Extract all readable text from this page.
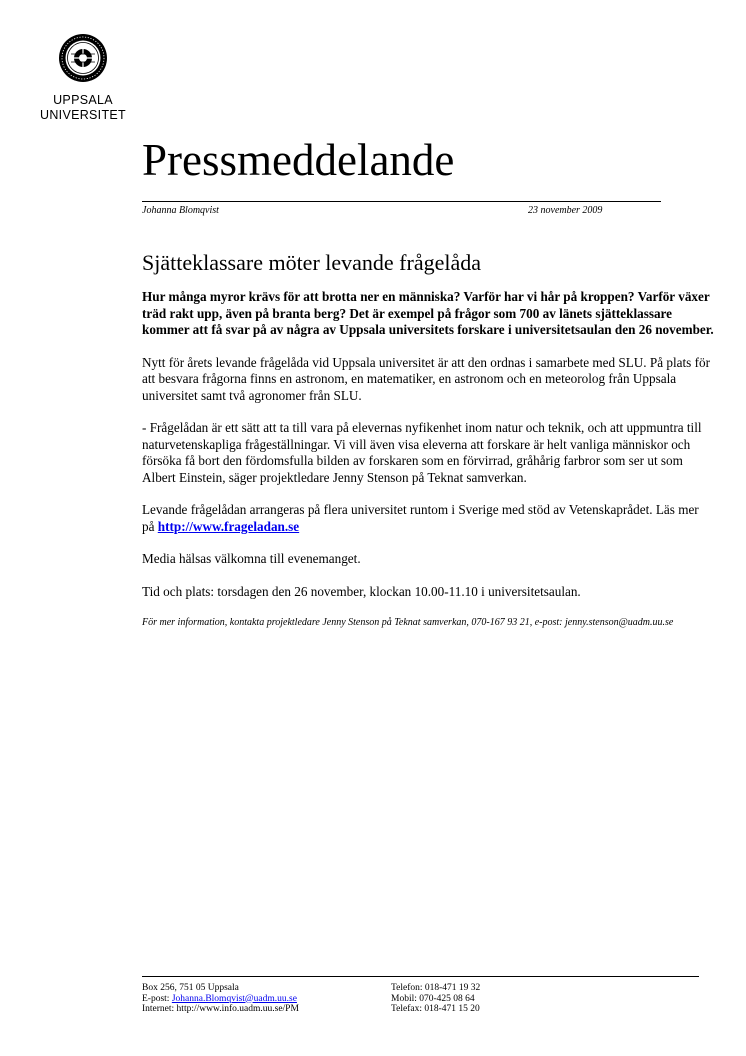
UPPSALA
UNIVERSITET
Pressmeddelande
Johanna Blomqvist	23 november 2009
Sjätteklassare möter levande frågelåda

Hur många myror krävs för att brotta ner en människa? Varför har vi hår på kroppen? Varför växer träd rakt upp, även på branta berg? Det är exempel på frågor som 700 av länets sjätteklassare kommer att få svar på av några av Uppsala universitets forskare i universitetsaulan den 26 november.

Nytt för årets levande frågelåda vid Uppsala universitet är att den ordnas i samarbete med SLU. På plats för att besvara frågorna finns en astronom, en matematiker, en astronom och en meteorolog från Uppsala universitet samt två agronomer från SLU.

- Frågelådan är ett sätt att ta till vara på elevernas nyfikenhet inom natur och teknik, och att uppmuntra till naturvetenskapliga frågeställningar. Vi vill även visa eleverna att forskare är helt vanliga människor och försöka få bort den fördomsfulla bilden av forskaren som en förvirrad, gråhårig farbror som ser ut som Albert Einstein, säger projektledare Jenny Stenson på Teknat samverkan.

Levande frågelådan arrangeras på flera universitet runtom i Sverige med stöd av Vetenskaprådet. Läs mer på http://www.frageladan.se

Media hälsas välkomna till evenemanget.

Tid och plats: torsdagen den 26 november, klockan 10.00-11.10 i universitetsaulan.

För mer information, kontakta projektledare Jenny Stenson på Teknat samverkan, 070-167 93 21, e-post: jenny.stenson@uadm.uu.se

Box 256, 751 05 Uppsala
E-post: Johanna.Blomqvist@uadm.uu.se
Internet: http://www.info.uadm.uu.se/PM
Telefon: 018-471 19 32
Mobil: 070-425 08 64
Telefax: 018-471 15 20
